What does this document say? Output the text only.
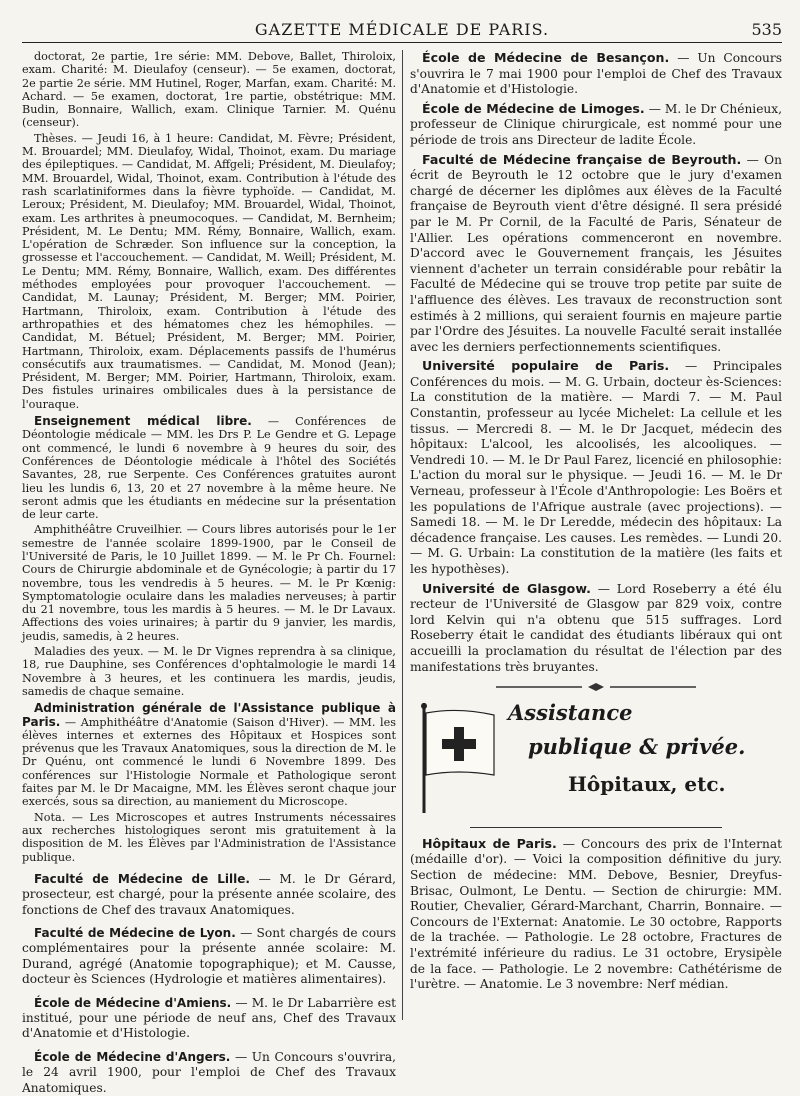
GAZETTE MÉDICALE DE PARIS.	535

doctorat, 2e partie, 1re série: MM. Debove, Ballet, Thiroloix, exam. Charité: M. Dieulafoy (censeur). — 5e examen, doctorat, 2e partie 2e série. MM Hutinel, Roger, Marfan, exam. Charité: M. Achard. — 5e examen, doctorat, 1re partie, obstétrique: MM. Budin, Bonnaire, Wallich, exam. Clinique Tarnier. M. Quénu (censeur).

Thèses. — Jeudi 16, à 1 heure: Candidat, M. Fèvre; Président, M. Brouardel; MM. Dieulafoy, Widal, Thoinot, exam. Du mariage des épileptiques. — Candidat, M. Affgeli; Président, M. Dieulafoy; MM. Brouardel, Widal, Thoinot, exam. Contribution à l'étude des rash scarlatiniformes dans la fièvre typhoïde. — Candidat, M. Leroux; Président, M. Dieulafoy; MM. Brouardel, Widal, Thoinot, exam. Les arthrites à pneumocoques. — Candidat, M. Bernheim; Président, M. Le Dentu; MM. Rémy, Bonnaire, Wallich, exam. L'opération de Schræder. Son influence sur la conception, la grossesse et l'accouchement. — Candidat, M. Weill; Président, M. Le Dentu; MM. Rémy, Bonnaire, Wallich, exam. Des différentes méthodes employées pour provoquer l'accouchement. — Candidat, M. Launay; Président, M. Berger; MM. Poirier, Hartmann, Thiroloix, exam. Contribution à l'étude des arthropathies et des hématomes chez les hémophiles. — Candidat, M. Bétuel; Président, M. Berger; MM. Poirier, Hartmann, Thiroloix, exam. Déplacements passifs de l'humérus consécutifs aux traumatismes. — Candidat, M. Monod (Jean); Président, M. Berger; MM. Poirier, Hartmann, Thiroloix, exam. Des fistules urinaires ombilicales dues à la persistance de l'ouraque.

Enseignement médical libre. — Conférences de Déontologie médicale — MM. les Drs P. Le Gendre et G. Lepage ont commencé, le lundi 6 novembre à 9 heures du soir, des Conférences de Déontologie médicale à l'hôtel des Sociétés Savantes, 28, rue Serpente. Ces Conférences gratuites auront lieu les lundis 6, 13, 20 et 27 novembre à la même heure. Ne seront admis que les étudiants en médecine sur la présentation de leur carte.

Amphithéâtre Cruveilhier. — Cours libres autorisés pour le 1er semestre de l'année scolaire 1899-1900, par le Conseil de l'Université de Paris, le 10 Juillet 1899. — M. le Pr Ch. Fournel: Cours de Chirurgie abdominale et de Gynécologie; à partir du 17 novembre, tous les vendredis à 5 heures. — M. le Pr Kœnig: Symptomatologie oculaire dans les maladies nerveuses; à partir du 21 novembre, tous les mardis à 5 heures. — M. le Dr Lavaux. Affections des voies urinaires; à partir du 9 janvier, les mardis, jeudis, samedis, à 2 heures.

Maladies des yeux. — M. le Dr Vignes reprendra à sa clinique, 18, rue Dauphine, ses Conférences d'ophtalmologie le mardi 14 Novembre à 3 heures, et les continuera les mardis, jeudis, samedis de chaque semaine.

Administration générale de l'Assistance publique à Paris. — Amphithéâtre d'Anatomie (Saison d'Hiver). — MM. les élèves internes et externes des Hôpitaux et Hospices sont prévenus que les Travaux Anatomiques, sous la direction de M. le Dr Quénu, ont commencé le lundi 6 Novembre 1899. Des conférences sur l'Histologie Normale et Pathologique seront faites par M. le Dr Macaigne, MM. les Élèves seront chaque jour exercés, sous sa direction, au maniement du Microscope.

Nota. — Les Microscopes et autres Instruments nécessaires aux recherches histologiques seront mis gratuitement à la disposition de M. les Élèves par l'Administration de l'Assistance publique.

Faculté de Médecine de Lille. — M. le Dr Gérard, prosecteur, est chargé, pour la présente année scolaire, des fonctions de Chef des travaux Anatomiques.

Faculté de Médecine de Lyon. — Sont chargés de cours complémentaires pour la présente année scolaire: M. Durand, agrégé (Anatomie topographique); et M. Causse, docteur ès Sciences (Hydrologie et matières alimentaires).

École de Médecine d'Amiens. — M. le Dr Labarrière est institué, pour une période de neuf ans, Chef des Travaux d'Anatomie et d'Histologie.

École de Médecine d'Angers. — Un Concours s'ouvrira, le 24 avril 1900, pour l'emploi de Chef des Travaux Anatomiques.

École de Médecine de Besançon. — Un Concours s'ouvrira le 7 mai 1900 pour l'emploi de Chef des Travaux d'Anatomie et d'Histologie.

École de Médecine de Limoges. — M. le Dr Chénieux, professeur de Clinique chirurgicale, est nommé pour une période de trois ans Directeur de ladite École.

Faculté de Médecine française de Beyrouth. — On écrit de Beyrouth le 12 octobre que le jury d'examen chargé de décerner les diplômes aux élèves de la Faculté française de Beyrouth vient d'être désigné. Il sera présidé par le M. Pr Cornil, de la Faculté de Paris, Sénateur de l'Allier. Les opérations commenceront en novembre. D'accord avec le Gouvernement français, les Jésuites viennent d'acheter un terrain considérable pour rebâtir la Faculté de Médecine qui se trouve trop petite par suite de l'affluence des élèves. Les travaux de reconstruction sont estimés à 2 millions, qui seraient fournis en majeure partie par l'Ordre des Jésuites. La nouvelle Faculté serait installée avec les derniers perfectionnements scientifiques.

Université populaire de Paris. — Principales Conférences du mois. — M. G. Urbain, docteur ès-Sciences: La constitution de la matière. — Mardi 7. — M. Paul Constantin, professeur au lycée Michelet: La cellule et les tissus. — Mercredi 8. — M. le Dr Jacquet, médecin des hôpitaux: L'alcool, les alcoolisés, les alcooliques. — Vendredi 10. — M. le Dr Paul Farez, licencié en philosophie: L'action du moral sur le physique. — Jeudi 16. — M. le Dr Verneau, professeur à l'École d'Anthropologie: Les Boërs et les populations de l'Afrique australe (avec projections). — Samedi 18. — M. le Dr Leredde, médecin des hôpitaux: La décadence française. Les causes. Les remèdes. — Lundi 20. — M. G. Urbain: La constitution de la matière (les faits et les hypothèses).

Université de Glasgow. — Lord Roseberry a été élu recteur de l'Université de Glasgow par 829 voix, contre lord Kelvin qui n'a obtenu que 515 suffrages. Lord Roseberry était le candidat des étudiants libéraux qui ont accueilli la proclamation du résultat de l'élection par des manifestations très bruyantes.

Assistance
publique & privée.
Hôpitaux, etc.

Hôpitaux de Paris. — Concours des prix de l'Internat (médaille d'or). — Voici la composition définitive du jury. Section de médecine: MM. Debove, Besnier, Dreyfus-Brisac, Oulmont, Le Dentu. — Section de chirurgie: MM. Routier, Chevalier, Gérard-Marchant, Charrin, Bonnaire. — Concours de l'Externat: Anatomie. Le 30 octobre, Rapports de la trachée. — Pathologie. Le 28 octobre, Fractures de l'extrémité inférieure du radius. Le 31 octobre, Erysipèle de la face. — Pathologie. Le 2 novembre: Cathétérisme de l'urètre. — Anatomie. Le 3 novembre: Nerf médian.
